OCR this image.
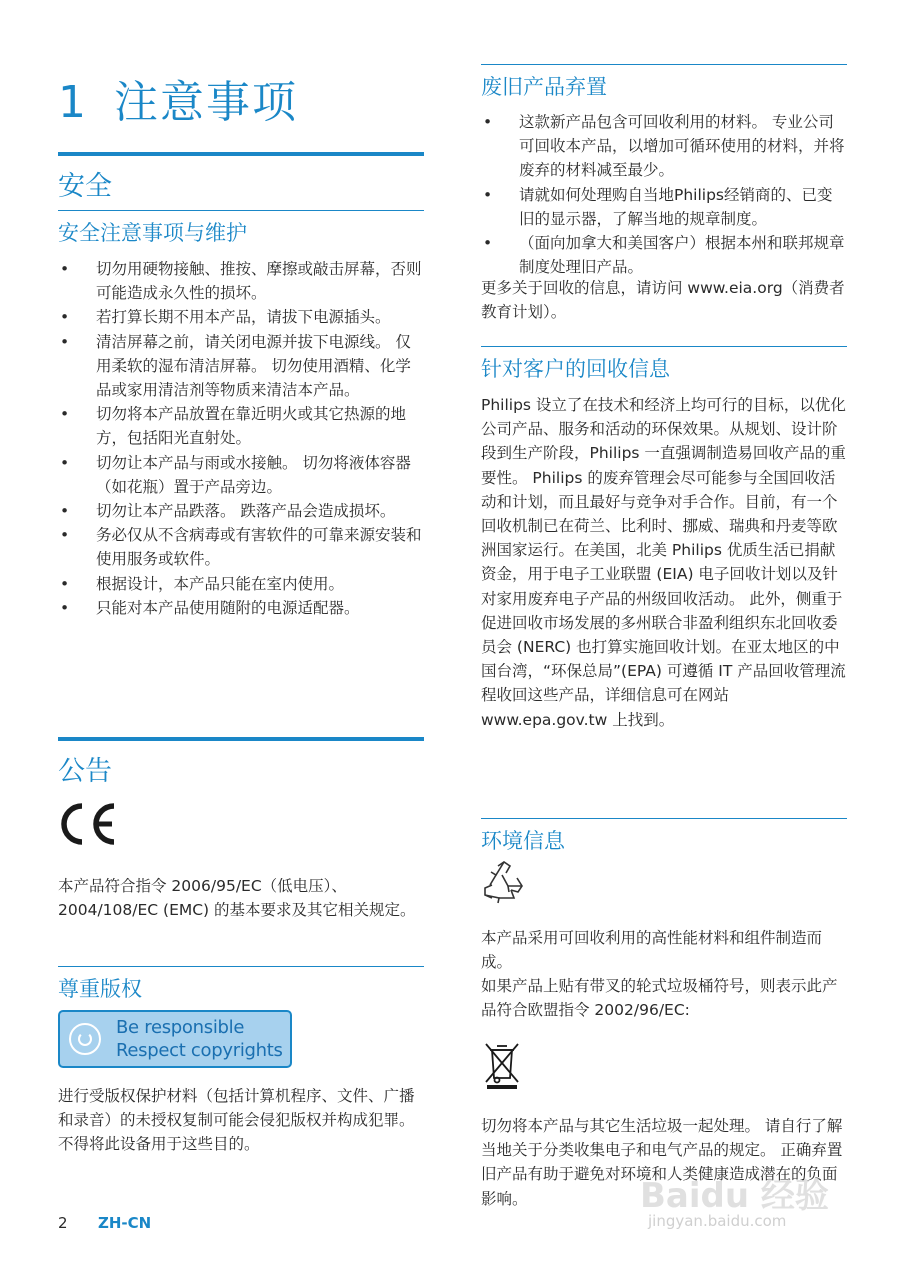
1 注意事项
安全
安全注意事项与维护
• 切勿用硬物接触、推按、摩擦或敲击屏幕，否则可能造成永久性的损坏。
• 若打算长期不用本产品，请拔下电源插头。
• 清洁屏幕之前，请关闭电源并拔下电源线。 仅用柔软的湿布清洁屏幕。 切勿使用酒精、化学品或家用清洁剂等物质来清洁本产品。
• 切勿将本产品放置在靠近明火或其它热源的地方，包括阳光直射处。
• 切勿让本产品与雨或水接触。 切勿将液体容器（如花瓶）置于产品旁边。
• 切勿让本产品跌落。 跌落产品会造成损坏。
• 务必仅从不含病毒或有害软件的可靠来源安装和使用服务或软件。
• 根据设计，本产品只能在室内使用。
• 只能对本产品使用随附的电源适配器。
公告

本产品符合指令 2006/95/EC（低电压）、2004/108/EC (EMC) 的基本要求及其它相关规定。

尊重版权
Be responsible
Respect copyrights

进行受版权保护材料（包括计算机程序、文件、广播和录音）的未授权复制可能会侵犯版权并构成犯罪。 不得将此设备用于这些目的。

废旧产品弃置
• 这款新产品包含可回收利用的材料。 专业公司可回收本产品，以增加可循环使用的材料，并将废弃的材料减至最少。
• 请就如何处理购自当地Philips经销商的、已变旧的显示器，了解当地的规章制度。
• （面向加拿大和美国客户）根据本州和联邦规章制度处理旧产品。

更多关于回收的信息，请访问 www.eia.org（消费者教育计划）。

针对客户的回收信息

Philips 设立了在技术和经济上均可行的目标，以优化公司产品、服务和活动的环保效果。从规划、设计阶段到生产阶段，Philips 一直强调制造易回收产品的重要性。 Philips 的废弃管理会尽可能参与全国回收活动和计划，而且最好与竞争对手合作。目前，有一个回收机制已在荷兰、比利时、挪威、瑞典和丹麦等欧洲国家运行。在美国，北美 Philips 优质生活已捐献资金，用于电子工业联盟 (EIA) 电子回收计划以及针对家用废弃电子产品的州级回收活动。 此外，侧重于促进回收市场发展的多州联合非盈利组织东北回收委员会 (NERC) 也打算实施回收计划。在亚太地区的中国台湾，“环保总局”(EPA) 可遵循 IT 产品回收管理流程收回这些产品，详细信息可在网站 www.epa.gov.tw 上找到。

环境信息

本产品采用可回收利用的高性能材料和组件制造而成。

如果产品上贴有带叉的轮式垃圾桶符号，则表示此产品符合欧盟指令 2002/96/EC:

切勿将本产品与其它生活垃圾一起处理。 请自行了解当地关于分类收集电子和电气产品的规定。 正确弃置旧产品有助于避免对环境和人类健康造成潜在的负面影响。

2 ZH-CN
Baidu 经验
jingyan.baidu.com
